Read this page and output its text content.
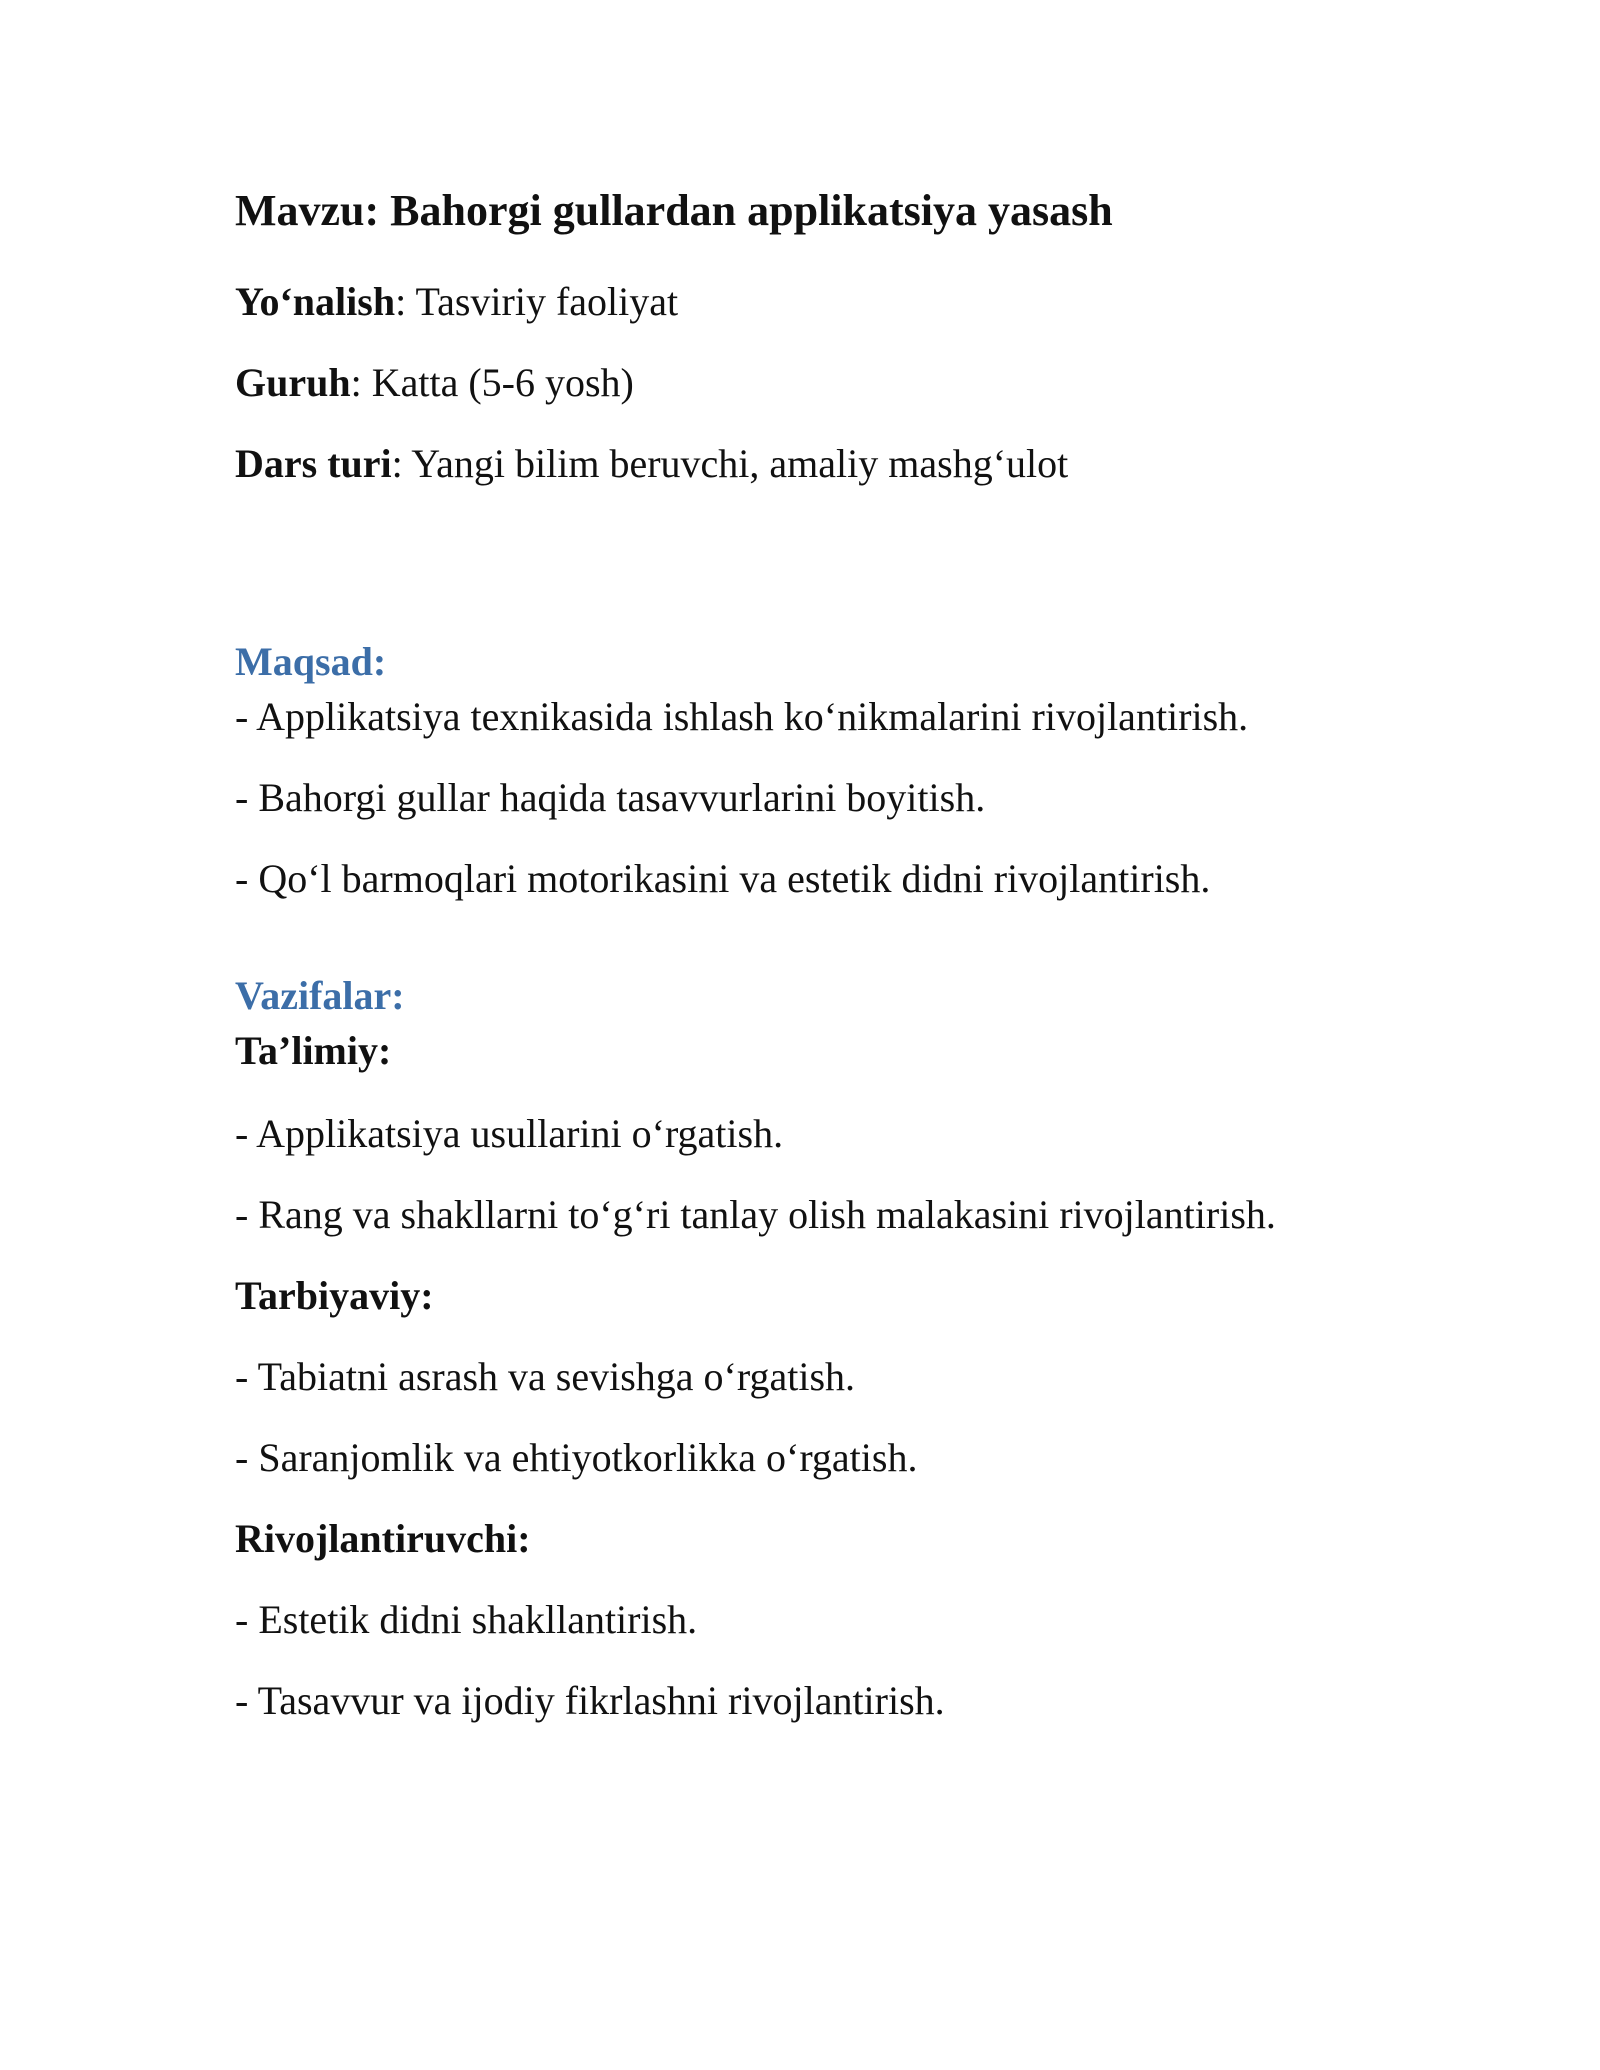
Mavzu: Bahorgi gullardan applikatsiya yasash

Yo‘nalish: Tasviriy faoliyat

Guruh: Katta (5-6 yosh)

Dars turi: Yangi bilim beruvchi, amaliy mashg‘ulot

Maqsad:

- Applikatsiya texnikasida ishlash ko‘nikmalarini rivojlantirish.

- Bahorgi gullar haqida tasavvurlarini boyitish.

- Qo‘l barmoqlari motorikasini va estetik didni rivojlantirish.

Vazifalar:
Ta’limiy:

- Applikatsiya usullarini o‘rgatish.

- Rang va shakllarni to‘g‘ri tanlay olish malakasini rivojlantirish.

Tarbiyaviy:

- Tabiatni asrash va sevishga o‘rgatish.

- Saranjomlik va ehtiyotkorlikka o‘rgatish.

Rivojlantiruvchi:

- Estetik didni shakllantirish.

- Tasavvur va ijodiy fikrlashni rivojlantirish.
